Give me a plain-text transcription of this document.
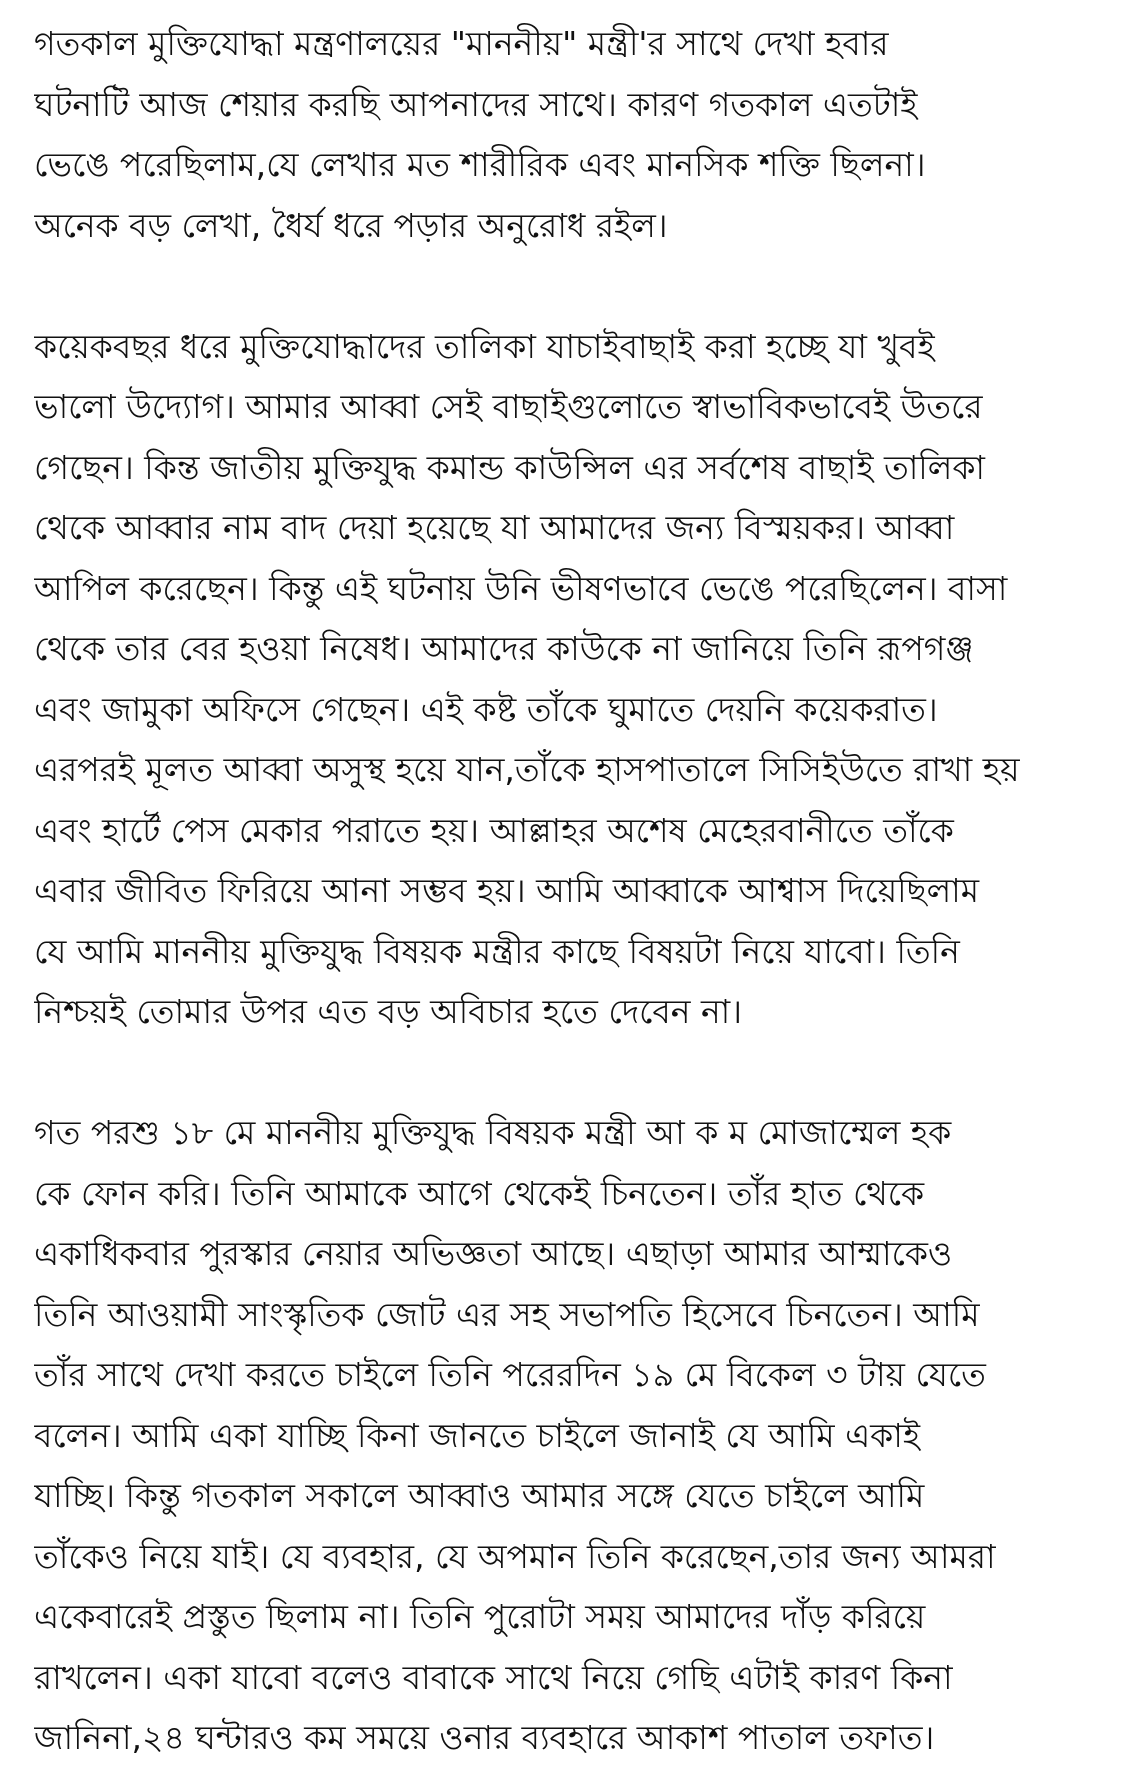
গতকাল মুক্তিযোদ্ধা মন্ত্রণালয়ের "মাননীয়" মন্ত্রী'র সাথে দেখা হবার
ঘটনাটি আজ শেয়ার করছি আপনাদের সাথে। কারণ গতকাল এতটাই
ভেঙে পরেছিলাম,যে লেখার মত শারীরিক এবং মানসিক শক্তি ছিলনা।
অনেক বড় লেখা, ধৈর্য ধরে পড়ার অনুরোধ রইল।
কয়েকবছর ধরে মুক্তিযোদ্ধাদের তালিকা যাচাইবাছাই করা হচ্ছে যা খুবই
ভালো উদ্যোগ। আমার আব্বা সেই বাছাইগুলোতে স্বাভাবিকভাবেই উতরে
গেছেন। কিন্ত জাতীয় মুক্তিযুদ্ধ কমান্ড কাউন্সিল এর সর্বশেষ বাছাই তালিকা
থেকে আব্বার নাম বাদ দেয়া হয়েছে যা আমাদের জন্য বিস্ময়কর। আব্বা
আপিল করেছেন। কিন্তু এই ঘটনায় উনি ভীষণভাবে ভেঙে পরেছিলেন। বাসা
থেকে তার বের হওয়া নিষেধ। আমাদের কাউকে না জানিয়ে তিনি রূপগঞ্জ
এবং জামুকা অফিসে গেছেন। এই কষ্ট তাঁকে ঘুমাতে দেয়নি কয়েকরাত।
এরপরই মূলত আব্বা অসুস্থ হয়ে যান,তাঁকে হাসপাতালে সিসিইউতে রাখা হয়
এবং হার্টে পেস মেকার পরাতে হয়। আল্লাহর অশেষ মেহেরবানীতে তাঁকে
এবার জীবিত ফিরিয়ে আনা সম্ভব হয়। আমি আব্বাকে আশ্বাস দিয়েছিলাম
যে আমি মাননীয় মুক্তিযুদ্ধ বিষয়ক মন্ত্রীর কাছে বিষয়টা নিয়ে যাবো। তিনি
নিশ্চয়ই তোমার উপর এত বড় অবিচার হতে দেবেন না।
গত পরশু ১৮ মে মাননীয় মুক্তিযুদ্ধ বিষয়ক মন্ত্রী আ ক ম মোজাম্মেল হক
কে ফোন করি। তিনি আমাকে আগে থেকেই চিনতেন। তাঁর হাত থেকে
একাধিকবার পুরস্কার নেয়ার অভিজ্ঞতা আছে। এছাড়া আমার আম্মাকেও
তিনি আওয়ামী সাংস্কৃতিক জোট এর সহ সভাপতি হিসেবে চিনতেন। আমি
তাঁর সাথে দেখা করতে চাইলে তিনি পরেরদিন ১৯ মে বিকেল ৩ টায় যেতে
বলেন। আমি একা যাচ্ছি কিনা জানতে চাইলে জানাই যে আমি একাই
যাচ্ছি। কিন্তু গতকাল সকালে আব্বাও আমার সঙ্গে যেতে চাইলে আমি
তাঁকেও নিয়ে যাই। যে ব্যবহার, যে অপমান তিনি করেছেন,তার জন্য আমরা
একেবারেই প্রস্তুত ছিলাম না। তিনি পুরোটা সময় আমাদের দাঁড় করিয়ে
রাখলেন। একা যাবো বলেও বাবাকে সাথে নিয়ে গেছি এটাই কারণ কিনা
জানিনা,২৪ ঘন্টারও কম সময়ে ওনার ব্যবহারে আকাশ পাতাল তফাত।
